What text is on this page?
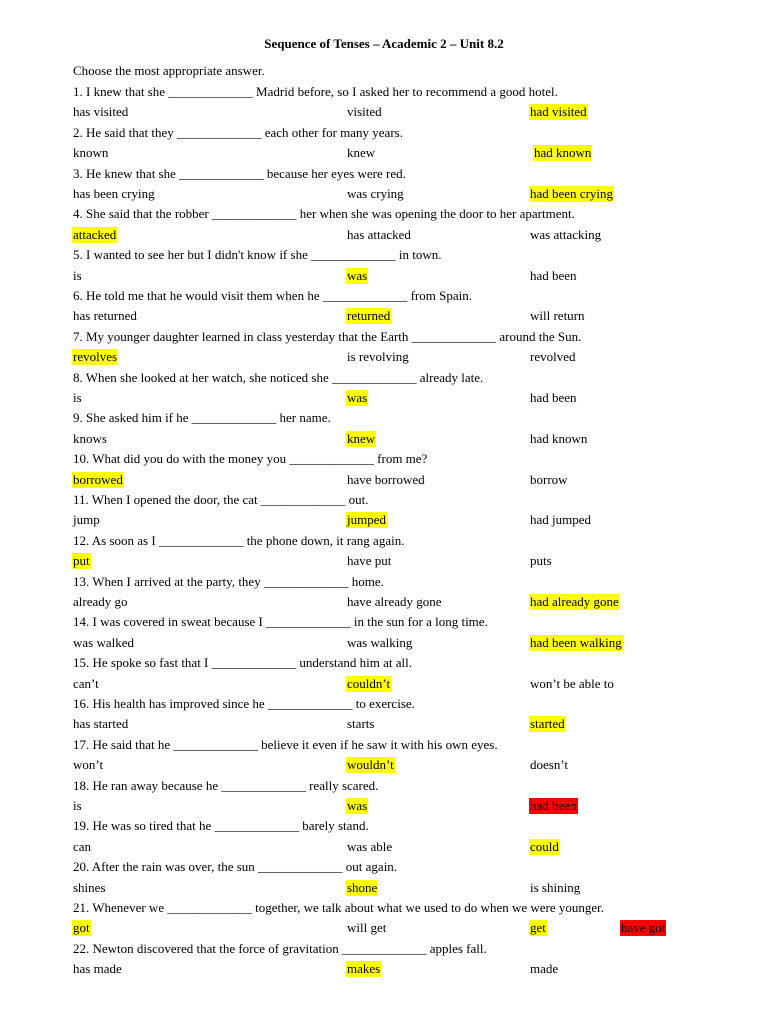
Sequence of Tenses – Academic 2 – Unit 8.2
Choose the most appropriate answer.
1. I knew that she _____________ Madrid before, so I asked her to recommend a good hotel.
has visited	visited	had visited
2. He said that they _____________ each other for many years.
known	knew	had known
3. He knew that she _____________ because her eyes were red.
has been crying	was crying	had been crying
4. She said that the robber _____________ her when she was opening the door to her apartment.
attacked	has attacked	was attacking
5. I wanted to see her but I didn't know if she _____________ in town.
is	was	had been
6. He told me that he would visit them when he _____________ from Spain.
has returned	returned	will return
7. My younger daughter learned in class yesterday that the Earth _____________ around the Sun.
revolves	is revolving	revolved
8. When she looked at her watch, she noticed she _____________ already late.
is	was	had been
9. She asked him if he _____________ her name.
knows	knew	had known
10. What did you do with the money you _____________ from me?
borrowed	have borrowed	borrow
11. When I opened the door, the cat _____________ out.
jump	jumped	had jumped
12. As soon as I _____________ the phone down, it rang again.
put	have put	puts
13. When I arrived at the party, they _____________ home.
already go	have already gone	had already gone
14. I was covered in sweat because I _____________ in the sun for a long time.
was walked	was walking	had been walking
15. He spoke so fast that I _____________ understand him at all.
can’t	couldn’t	won’t be able to
16. His health has improved since he _____________ to exercise.
has started	starts	started
17. He said that he _____________ believe it even if he saw it with his own eyes.
won’t	wouldn’t	doesn’t
18. He ran away because he _____________ really scared.
is	was	had been
19. He was so tired that he _____________ barely stand.
can	was able	could
20. After the rain was over, the sun _____________ out again.
shines	shone	is shining
21. Whenever we _____________ together, we talk about what we used to do when we were younger.
got	will get	get	have got
22. Newton discovered that the force of gravitation _____________ apples fall.
has made	makes	made
